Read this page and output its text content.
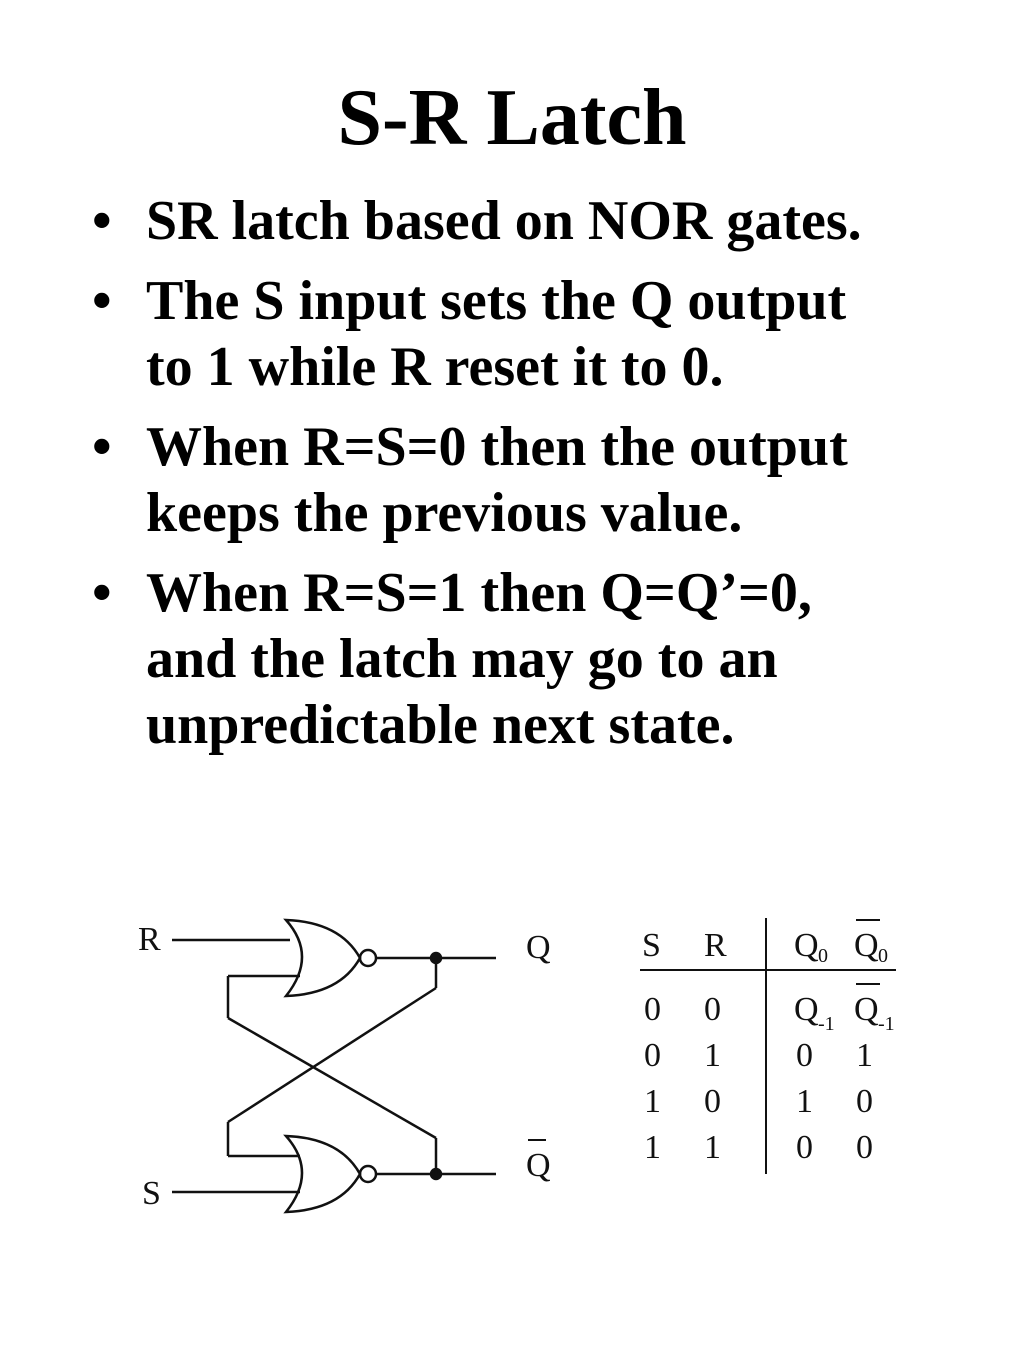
S-R Latch
• SR latch based on NOR gates.
• The S input sets the Q output
to 1 while R reset it to 0.
• When R=S=0 then the output
keeps the previous value.
• When R=S=1 then Q=Q’=0,
and the latch may go to an
unpredictable next state.
R
S
Q
Q
S R Q 0 Q 0
0 0 Q -1 Q -1
0 1 0 1
1 0 1 0
1 1 0 0
